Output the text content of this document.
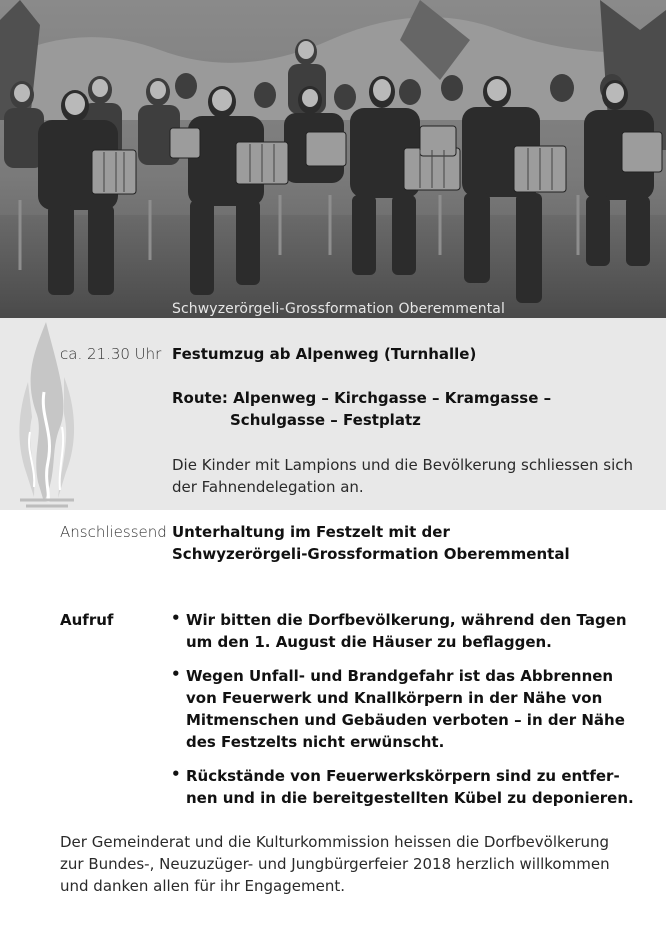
Schwyzerörgeli-Grossformation Oberemmental
ca. 21.30 Uhr Festumzug ab Alpenweg (Turnhalle)
Route: Alpenweg – Kirchgasse – Kramgasse –
Schulgasse – Festplatz
Die Kinder mit Lampions und die Bevölkerung schliessen sich
der Fahnendelegation an.
Anschliessend Unterhaltung im Festzelt mit der
Schwyzerörgeli-Grossformation Oberemmental
Aufruf	• Wir bitten die Dorfbevölkerung, während den Tagen
um den 1. August die Häuser zu beflaggen.
• Wegen Unfall- und Brandgefahr ist das Abbrennen
von Feuerwerk und Knallkörpern in der Nähe von
Mitmenschen und Gebäuden verboten – in der Nähe
des Festzelts nicht erwünscht.
• Rückstände von Feuerwerkskörpern sind zu entfer-
nen und in die bereitgestellten Kübel zu deponieren.
Der Gemeinderat und die Kulturkommission heissen die Dorfbevölkerung
zur Bundes-, Neuzuzüger- und Jungbürgerfeier 2018 herzlich willkommen
und danken allen für ihr Engagement.
